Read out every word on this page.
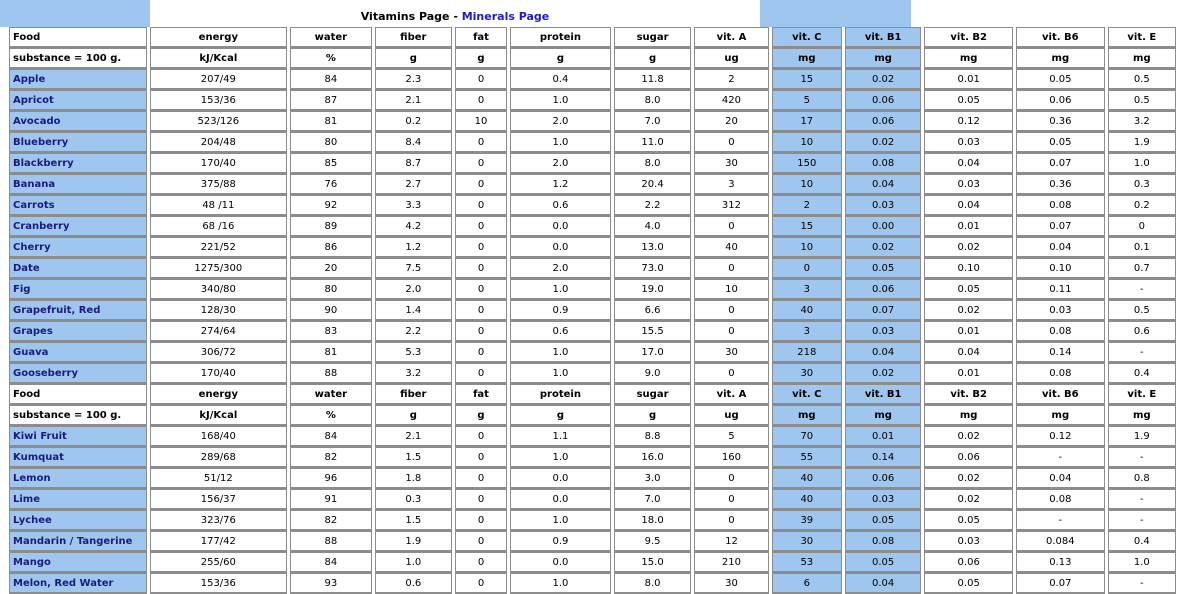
Vitamins Page - Minerals Page
Food	energy	water	fiber	fat	protein	sugar	vit. A	vit. C	vit. B1	vit. B2	vit. B6	vit. E
substance = 100 g.	kJ/Kcal	%	g	g	g	g	ug	mg	mg	mg	mg	mg
Apple	207/49	84	2.3	0	0.4	11.8	2	15	0.02	0.01	0.05	0.5
Apricot	153/36	87	2.1	0	1.0	8.0	420	5	0.06	0.05	0.06	0.5
Avocado	523/126	81	0.2	10	2.0	7.0	20	17	0.06	0.12	0.36	3.2
Blueberry	204/48	80	8.4	0	1.0	11.0	0	10	0.02	0.03	0.05	1.9
Blackberry	170/40	85	8.7	0	2.0	8.0	30	150	0.08	0.04	0.07	1.0
Banana	375/88	76	2.7	0	1.2	20.4	3	10	0.04	0.03	0.36	0.3
Carrots	48 /11	92	3.3	0	0.6	2.2	312	2	0.03	0.04	0.08	0.2
Cranberry	68 /16	89	4.2	0	0.0	4.0	0	15	0.00	0.01	0.07	0
Cherry	221/52	86	1.2	0	0.0	13.0	40	10	0.02	0.02	0.04	0.1
Date	1275/300	20	7.5	0	2.0	73.0	0	0	0.05	0.10	0.10	0.7
Fig	340/80	80	2.0	0	1.0	19.0	10	3	0.06	0.05	0.11	-
Grapefruit, Red	128/30	90	1.4	0	0.9	6.6	0	40	0.07	0.02	0.03	0.5
Grapes	274/64	83	2.2	0	0.6	15.5	0	3	0.03	0.01	0.08	0.6
Guava	306/72	81	5.3	0	1.0	17.0	30	218	0.04	0.04	0.14	-
Gooseberry	170/40	88	3.2	0	1.0	9.0	0	30	0.02	0.01	0.08	0.4
Food	energy	water	fiber	fat	protein	sugar	vit. A	vit. C	vit. B1	vit. B2	vit. B6	vit. E
substance = 100 g.	kJ/Kcal	%	g	g	g	g	ug	mg	mg	mg	mg	mg
Kiwi Fruit	168/40	84	2.1	0	1.1	8.8	5	70	0.01	0.02	0.12	1.9
Kumquat	289/68	82	1.5	0	1.0	16.0	160	55	0.14	0.06	-	-
Lemon	51/12	96	1.8	0	0.0	3.0	0	40	0.06	0.02	0.04	0.8
Lime	156/37	91	0.3	0	0.0	7.0	0	40	0.03	0.02	0.08	-
Lychee	323/76	82	1.5	0	1.0	18.0	0	39	0.05	0.05	-	-
Mandarin / Tangerine	177/42	88	1.9	0	0.9	9.5	12	30	0.08	0.03	0.084	0.4
Mango	255/60	84	1.0	0	0.0	15.0	210	53	0.05	0.06	0.13	1.0
Melon, Red Water	153/36	93	0.6	0	1.0	8.0	30	6	0.04	0.05	0.07	-
